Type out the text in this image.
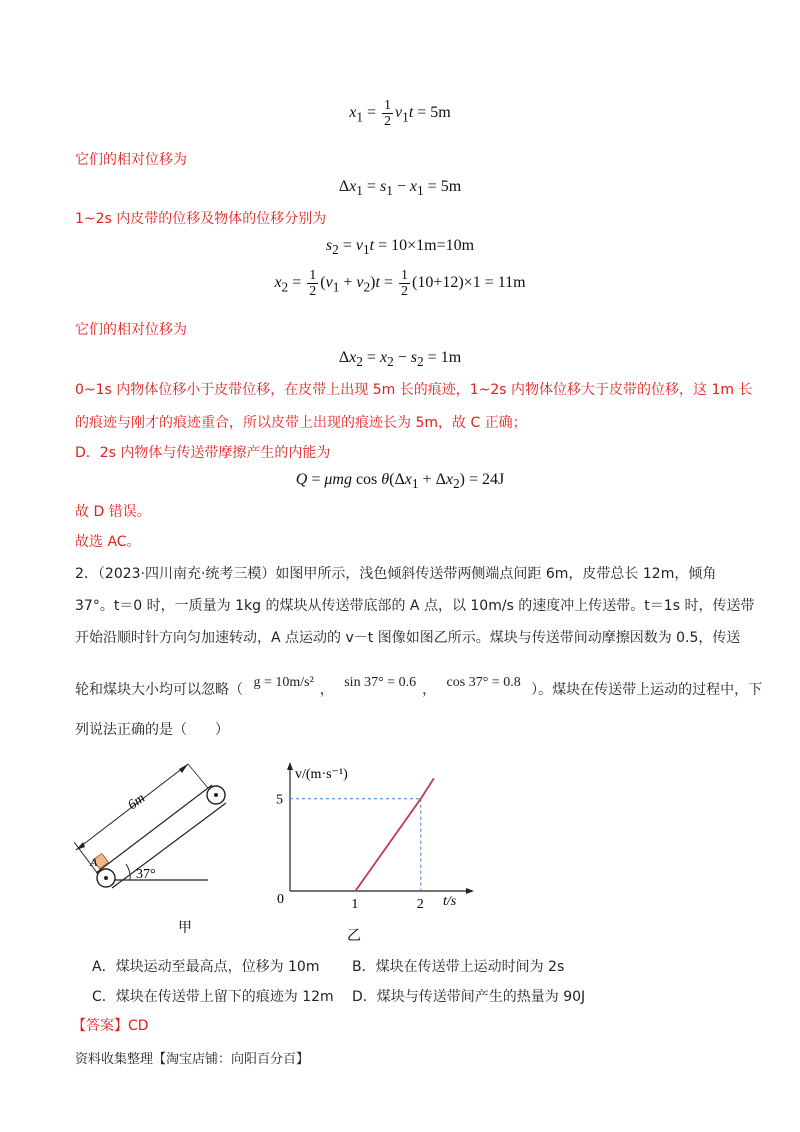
$x_1 = \frac{1}{2} v_1t = 5m$
它们的相对位移为
$\Delta x_1 = s_1 - x_1 = 5m$
1~2s 内皮带的位移及物体的位移分别为
$s_2 = v_1t = 10\times 1m=10m$
$x_2 = \frac{1}{2} (v_1 + v_2)t = \frac{1}{2} (10+12)\times 1 = 11m$
它们的相对位移为
$\Delta x_2 = x_2 - s_2 = 1m$
0~1s 内物体位移小于皮带位移，在皮带上出现 5m 长的痕迹，1~2s 内物体位移大于皮带的位移，这 1m 长
的痕迹与刚才的痕迹重合，所以皮带上出现的痕迹长为 5m，故 C 正确；
D．2s 内物体与传送带摩擦产生的内能为
Q = μmg $\cos \theta(\Delta x_1 + \Delta x_2) = 24J$
故 D 错误。
故选 AC。
2．（2023·四川南充·统考三模）如图甲所示，浅色倾斜传送带两侧端点间距 6m，皮带总长 12m，倾角
37°。t＝0 时，一质量为 1kg 的煤块从传送带底部的 A 点，以 10m/s 的速度冲上传送带。t＝1s 时，传送带
开始沿顺时针方向匀加速转动，A 点运动的 v－t 图像如图乙所示。煤块与传送带间动摩擦因数为 0.5，传送
轮和煤块大小均可以忽略（ g = 10m/s² ， sin 37° = 0.6 ， cos 37° = 0.8 ）。煤块在传送带上运动的过程中，下
列说法正确的是（　　）
6m
A
37°
甲
1	2
5
v/(m·s⁻¹)
t/s
0
乙
A．煤块运动至最高点，位移为 10m B．煤块在传送带上运动时间为 2s
C．煤块在传送带上留下的痕迹为 12m D．煤块与传送带间产生的热量为 90J
【答案】CD
资料收集整理【淘宝店铺：向阳百分百】
